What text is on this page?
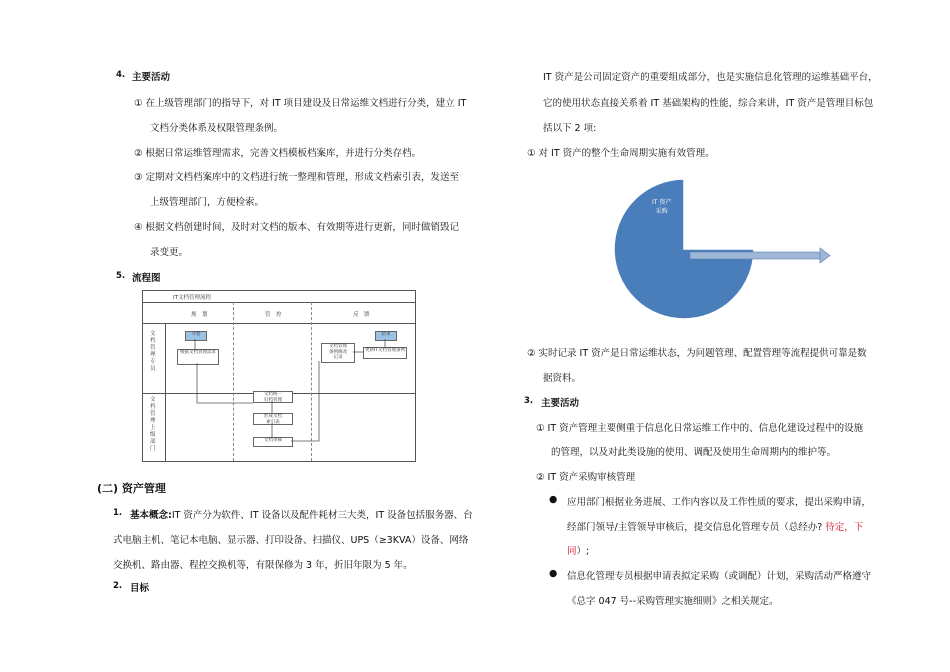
4. 主要活动
① 在上级管理部门的指导下，对 IT 项目建设及日常运维文档进行分类，建立 IT
文档分类体系及权限管理条例。
② 根据日常运维管理需求，完善文档模板档案库，并进行分类存档。
③ 定期对文档档案库中的文档进行统一整理和管理，形成文档索引表，发送至
上级管理部门，方便检索。
④ 根据文档创建时间，及时对文档的版本、有效期等进行更新，同时做销毁记
录变更。
5. 流程图
IT文档管理流程
规　划	管　控	反　馈
文档管理专员
文档管理上级部门
开始
根据文档管理需求
文档统一
归档管理
形成文档
索引表
文档审核
文档管理
条例修改
记录
更新IT文档管理条例
结束
(二) 资产管理
1. 基本概念:IT 资产分为软件、IT 设备以及配件耗材三大类，IT 设备包括服务器、台
式电脑主机、笔记本电脑、显示器、打印设备、扫描仪、UPS（≥3KVA）设备、网络
交换机、路由器、程控交换机等，有限保修为 3 年，折旧年限为 5 年。
2. 目标
IT 资产是公司固定资产的重要组成部分，也是实施信息化管理的运维基础平台，
它的使用状态直接关系着 IT 基础架构的性能，综合来讲，IT 资产是管理目标包
括以下 2 项:
① 对 IT 资产的整个生命周期实施有效管理。
IT 资产
采购
② 实时记录 IT 资产是日常运维状态，为问题管理、配置管理等流程提供可靠是数
据资料。
3. 主要活动
① IT 资产管理主要侧重于信息化日常运维工作中的、信息化建设过程中的设施
的管理，以及对此类设施的使用、调配及使用生命周期内的维护等。
② IT 资产采购审核管理
● 应用部门根据业务进展、工作内容以及工作性质的要求，提出采购申请，
经部门领导/主管领导审核后，提交信息化管理专员（总经办? 待定，下
同）;
● 信息化管理专员根据申请表拟定采购（或调配）计划，采购活动严格遵守
《总字 047 号--采购管理实施细则》之相关规定。
